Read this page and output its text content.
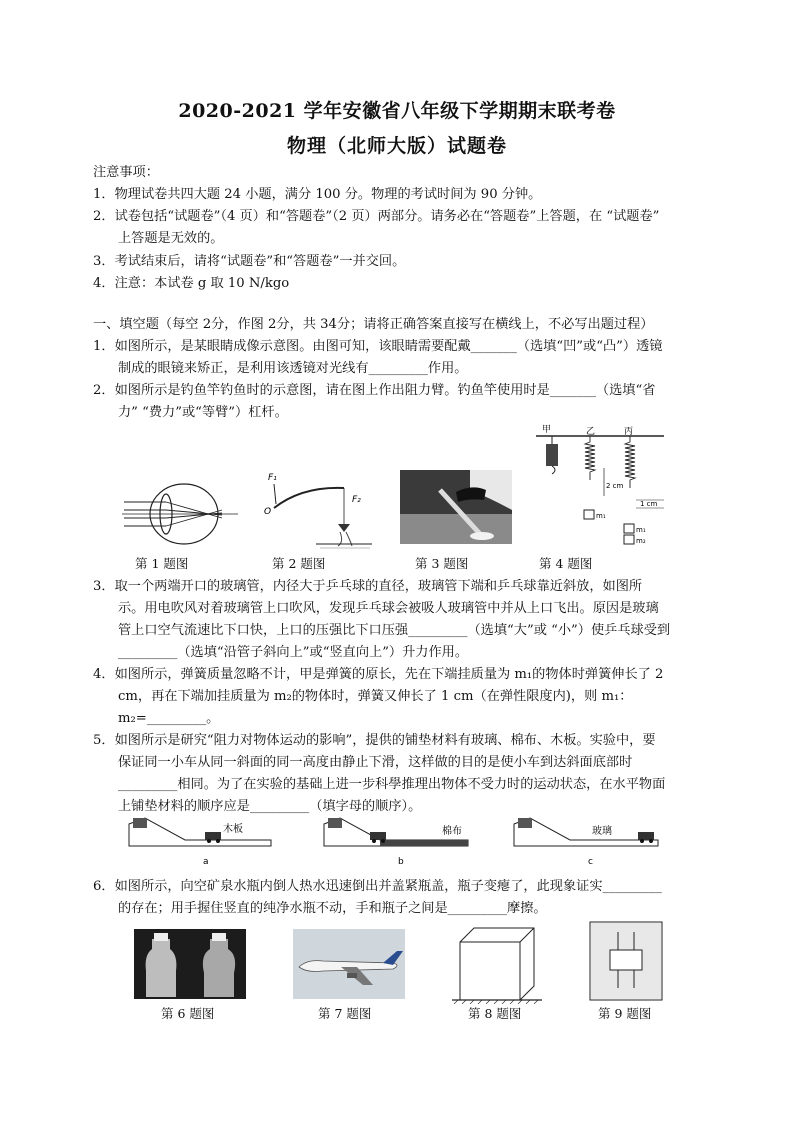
2020-2021 学年安徽省八年级下学期期末联考卷
物理（北师大版）试题卷
注意事项：
1．物理试卷共四大题 24 小题，满分 100 分。物理的考试时间为 90 分钟。
2．试卷包括“试题卷”（4 页）和“答题卷”（2 页）两部分。请务必在“答题卷”上答题，在 “试题卷”
上答题是无效的。
3．考试结束后，请将“试题卷”和“答题卷”一并交回。
4．注意：本试卷 g 取 10 N/kgo
一、填空题（每空 2分，作图 2分，共 34分；请将正确答案直接写在横线上，不必写出题过程）
1．如图所示，是某眼睛成像示意图。由图可知，该眼睛需要配戴_______（选填“凹”或“凸”）透镜
制成的眼镜来矫正，是利用该透镜对光线有_________作用。
2．如图所示是钓鱼竿钓鱼时的示意图，请在图上作出阻力臂。钓鱼竿使用时是_______（选填“省
力” “费力”或“等臂”）杠杆。
F₁
O
F₂
甲	乙	丙
m₁
2 cm
1 cm
m₁
m₂
第 1 题图	第 2 题图	第 3 题图	第 4 题图
3．取一个两端开口的玻璃管，内径大于乒乓球的直径，玻璃管下端和乒乓球靠近斜放，如图所
示。用电吹风对着玻璃管上口吹风，发现乒乓球会被吸人玻璃管中并从上口飞出。原因是玻璃
管上口空气流速比下口快，上口的压强比下口压强_________（选填“大”或 “小”）使乒乓球受到
_________（选填“沿管子斜向上”或“竖直向上”）升力作用。
4．如图所示，弹簧质量忽略不计，甲是弹簧的原长，先在下端挂质量为 m₁的物体时弹簧伸长了 2
cm，再在下端加挂质量为 m₂的物体时，弹簧又伸长了 1 cm（在弹性限度内)，则 m₁：
m₂=_________。
5．如图所示是研究“阻力对物体运动的影响”，提供的铺垫材料有玻璃、棉布、木板。实验中，要
保证同一小车从同一斜面的同一高度由静止下滑，这样做的目的是使小车到达斜面底部时
_________相同。为了在实验的基础上进一步科學推理出物体不受力时的运动状态，在水平物面
上铺垫材料的顺序应是_________（填字母的顺序）。
木板
a
棉布
b
玻璃
c
6．如图所示，向空矿泉水瓶内倒人热水迅速倒出并盖紧瓶盖，瓶子变瘪了，此现象证实_________
的存在；用手握住竖直的纯净水瓶不动，手和瓶子之间是_________摩擦。
第 6 题图	第 7 题图	第 8 题图	第 9 题图
